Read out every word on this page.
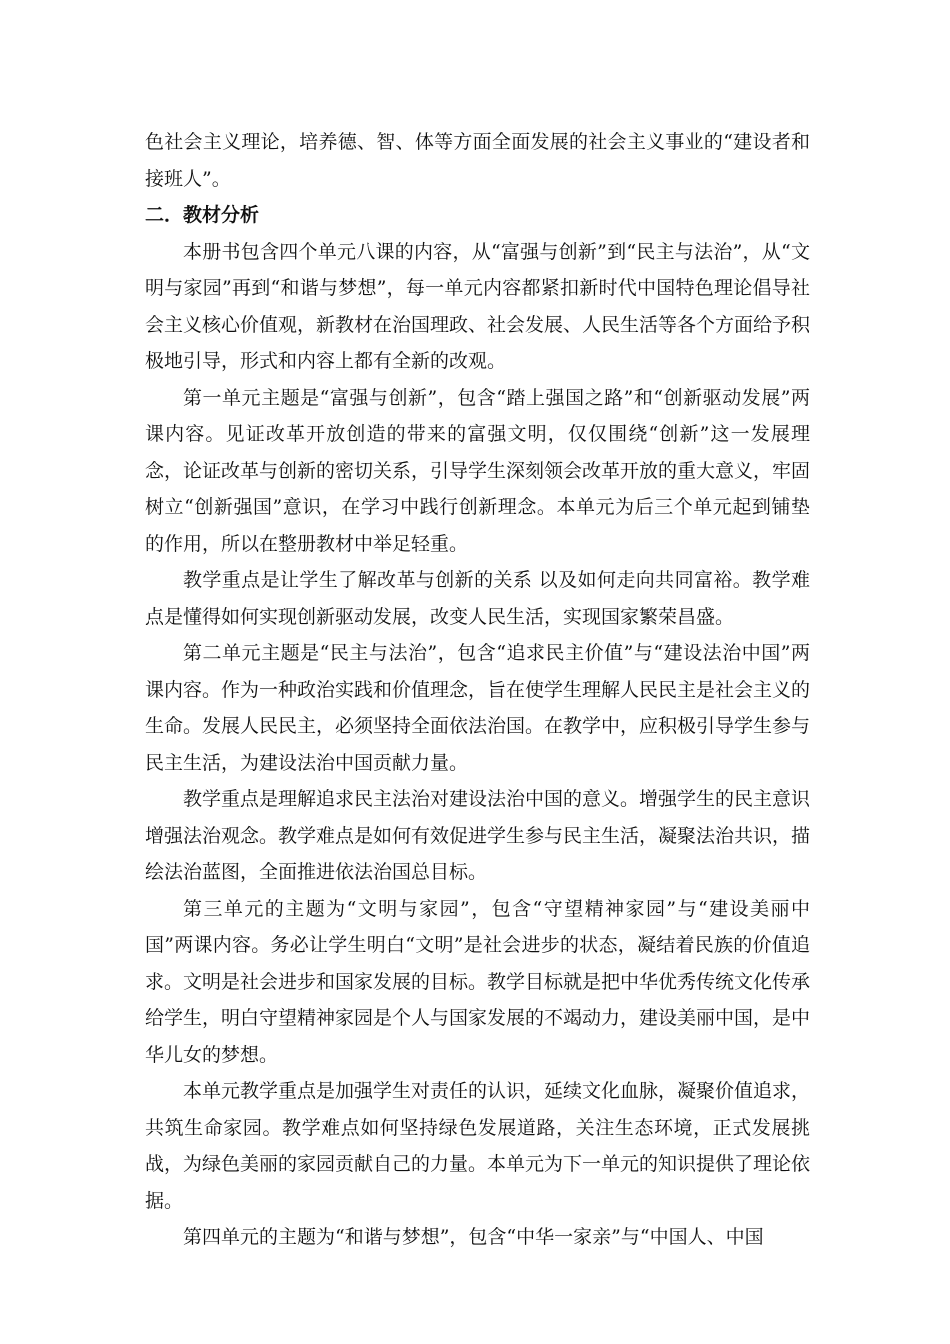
色社会主义理论，培养德、智、体等方面全面发展的社会主义事业的“建设者和接班人”。

二．教材分析

本册书包含四个单元八课的内容，从“富强与创新”到“民主与法治”，从“文明与家园”再到“和谐与梦想”，每一单元内容都紧扣新时代中国特色理论倡导社会主义核心价值观，新教材在治国理政、社会发展、人民生活等各个方面给予积极地引导，形式和内容上都有全新的改观。

第一单元主题是“富强与创新”，包含“踏上强国之路”和“创新驱动发展”两课内容。见证改革开放创造的带来的富强文明，仅仅围绕“创新”这一发展理念，论证改革与创新的密切关系，引导学生深刻领会改革开放的重大意义，牢固树立“创新强国”意识，在学习中践行创新理念。本单元为后三个单元起到铺垫的作用，所以在整册教材中举足轻重。

教学重点是让学生了解改革与创新的关系 以及如何走向共同富裕。教学难点是懂得如何实现创新驱动发展，改变人民生活，实现国家繁荣昌盛。

第二单元主题是“民主与法治”，包含“追求民主价值”与“建设法治中国”两课内容。作为一种政治实践和价值理念，旨在使学生理解人民民主是社会主义的生命。发展人民民主，必须坚持全面依法治国。在教学中，应积极引导学生参与民主生活，为建设法治中国贡献力量。

教学重点是理解追求民主法治对建设法治中国的意义。增强学生的民主意识增强法治观念。教学难点是如何有效促进学生参与民主生活，凝聚法治共识，描绘法治蓝图，全面推进依法治国总目标。

第三单元的主题为“文明与家园”，包含“守望精神家园”与“建设美丽中国”两课内容。务必让学生明白“文明”是社会进步的状态，凝结着民族的价值追求。文明是社会进步和国家发展的目标。教学目标就是把中华优秀传统文化传承给学生，明白守望精神家园是个人与国家发展的不竭动力，建设美丽中国，是中华儿女的梦想。

本单元教学重点是加强学生对责任的认识，延续文化血脉，凝聚价值追求，共筑生命家园。教学难点如何坚持绿色发展道路，关注生态环境，正式发展挑战，为绿色美丽的家园贡献自己的力量。本单元为下一单元的知识提供了理论依据。

第四单元的主题为“和谐与梦想”，包含“中华一家亲”与“中国人、中国
